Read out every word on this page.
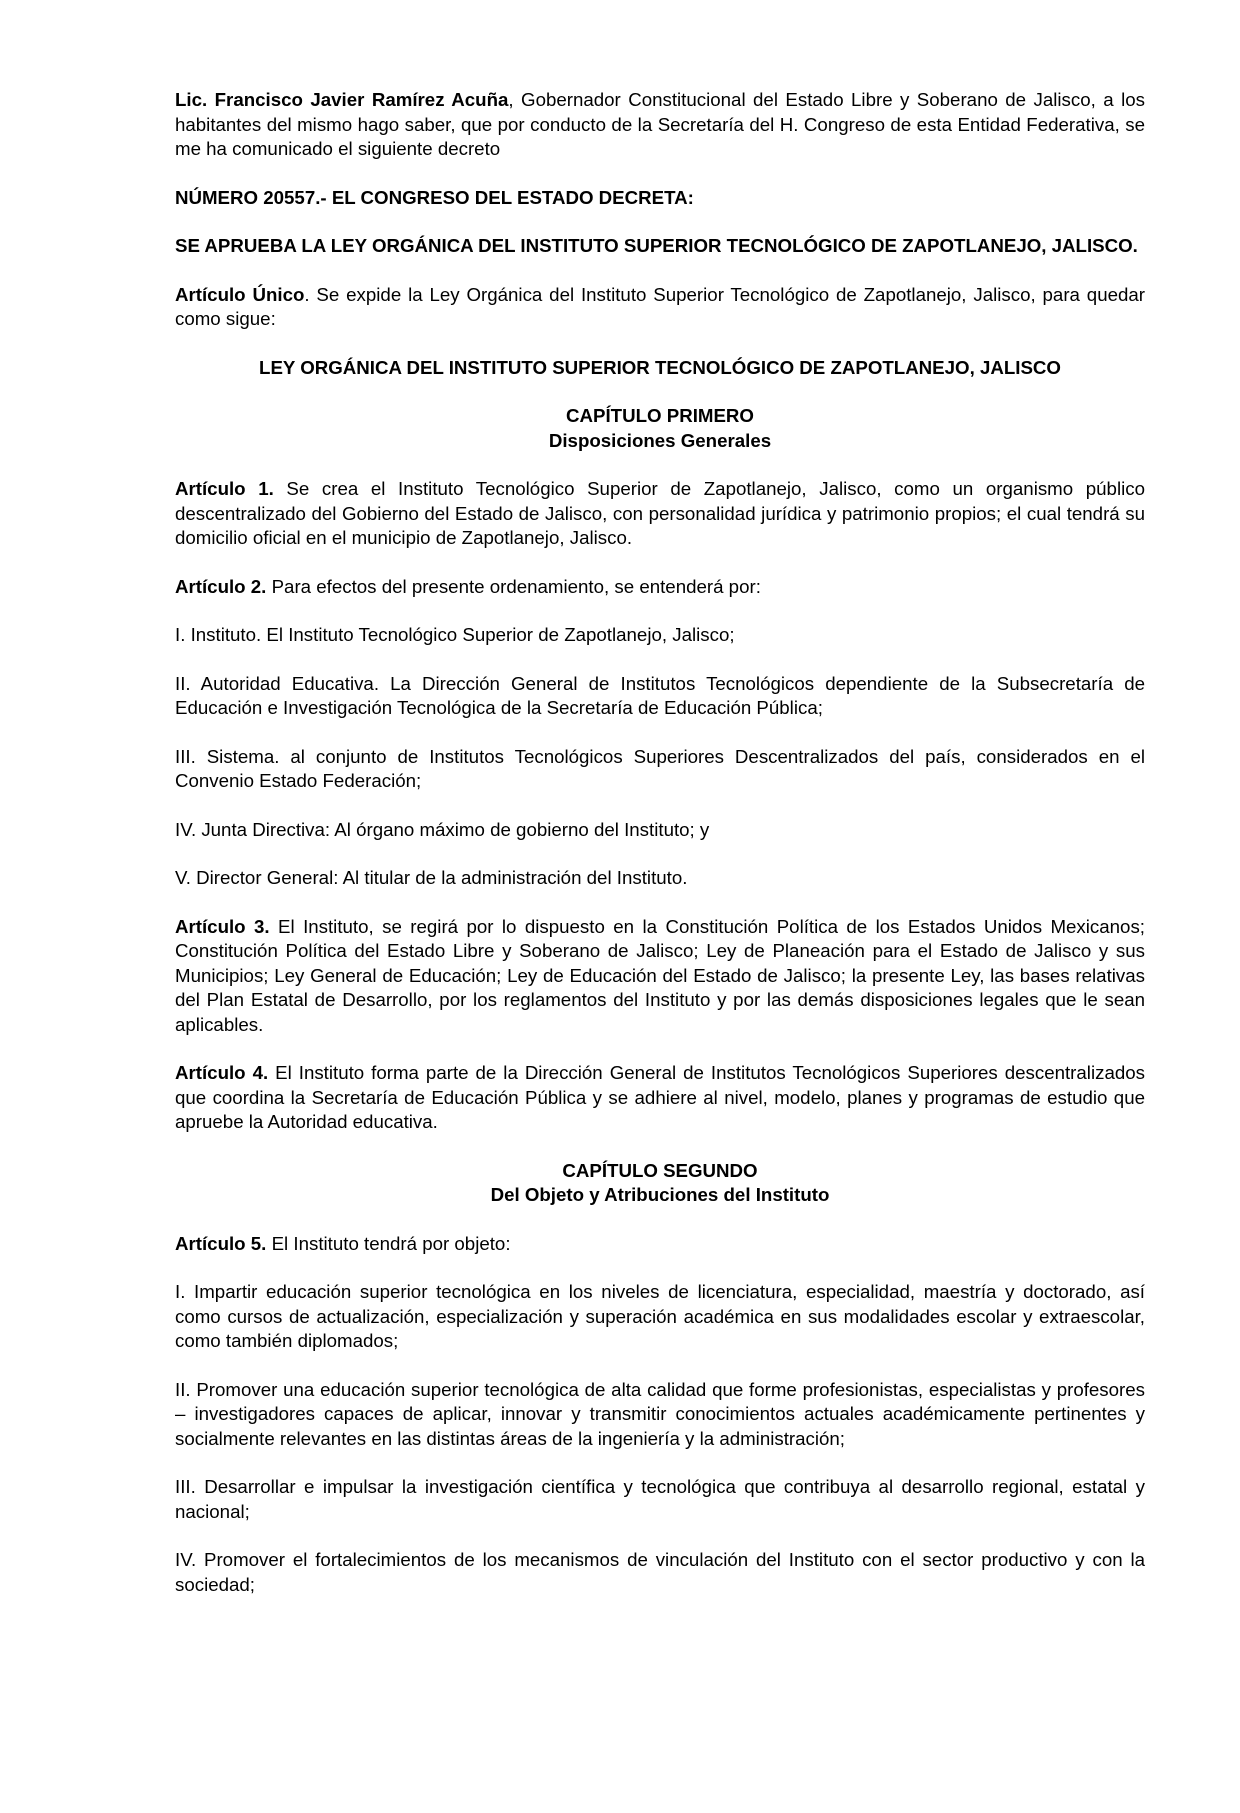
Lic. Francisco Javier Ramírez Acuña, Gobernador Constitucional del Estado Libre y Soberano de Jalisco, a los habitantes del mismo hago saber, que por conducto de la Secretaría del H. Congreso de esta Entidad Federativa, se me ha comunicado el siguiente decreto

NÚMERO 20557.- EL CONGRESO DEL ESTADO DECRETA:

SE APRUEBA LA LEY ORGÁNICA DEL INSTITUTO SUPERIOR TECNOLÓGICO DE ZAPOTLANEJO, JALISCO.

Artículo Único. Se expide la Ley Orgánica del Instituto Superior Tecnológico de Zapotlanejo, Jalisco, para quedar como sigue:

LEY ORGÁNICA DEL INSTITUTO SUPERIOR TECNOLÓGICO DE ZAPOTLANEJO, JALISCO

CAPÍTULO PRIMERO
Disposiciones Generales

Artículo 1. Se crea el Instituto Tecnológico Superior de Zapotlanejo, Jalisco, como un organismo público descentralizado del Gobierno del Estado de Jalisco, con personalidad jurídica y patrimonio propios; el cual tendrá su domicilio oficial en el municipio de Zapotlanejo, Jalisco.

Artículo 2. Para efectos del presente ordenamiento, se entenderá por:

I. Instituto. El Instituto Tecnológico Superior de Zapotlanejo, Jalisco;

II. Autoridad Educativa. La Dirección General de Institutos Tecnológicos dependiente de la Subsecretaría de Educación e Investigación Tecnológica de la Secretaría de Educación Pública;

III. Sistema. al conjunto de Institutos Tecnológicos Superiores Descentralizados del país, considerados en el Convenio Estado Federación;

IV. Junta Directiva: Al órgano máximo de gobierno del Instituto; y

V. Director General: Al titular de la administración del Instituto.

Artículo 3. El Instituto, se regirá por lo dispuesto en la Constitución Política de los Estados Unidos Mexicanos; Constitución Política del Estado Libre y Soberano de Jalisco; Ley de Planeación para el Estado de Jalisco y sus Municipios; Ley General de Educación; Ley de Educación del Estado de Jalisco; la presente Ley, las bases relativas del Plan Estatal de Desarrollo, por los reglamentos del Instituto y por las demás disposiciones legales que le sean aplicables.

Artículo 4. El Instituto forma parte de la Dirección General de Institutos Tecnológicos Superiores descentralizados que coordina la Secretaría de Educación Pública y se adhiere al nivel, modelo, planes y programas de estudio que apruebe la Autoridad educativa.

CAPÍTULO SEGUNDO
Del Objeto y Atribuciones del Instituto

Artículo 5. El Instituto tendrá por objeto:

I. Impartir educación superior tecnológica en los niveles de licenciatura, especialidad, maestría y doctorado, así como cursos de actualización, especialización y superación académica en sus modalidades escolar y extraescolar, como también diplomados;

II. Promover una educación superior tecnológica de alta calidad que forme profesionistas, especialistas y profesores – investigadores capaces de aplicar, innovar y transmitir conocimientos actuales académicamente pertinentes y socialmente relevantes en las distintas áreas de la ingeniería y la administración;

III. Desarrollar e impulsar la investigación científica y tecnológica que contribuya al desarrollo regional, estatal y nacional;

IV. Promover el fortalecimientos de los mecanismos de vinculación del Instituto con el sector productivo y con la sociedad;
